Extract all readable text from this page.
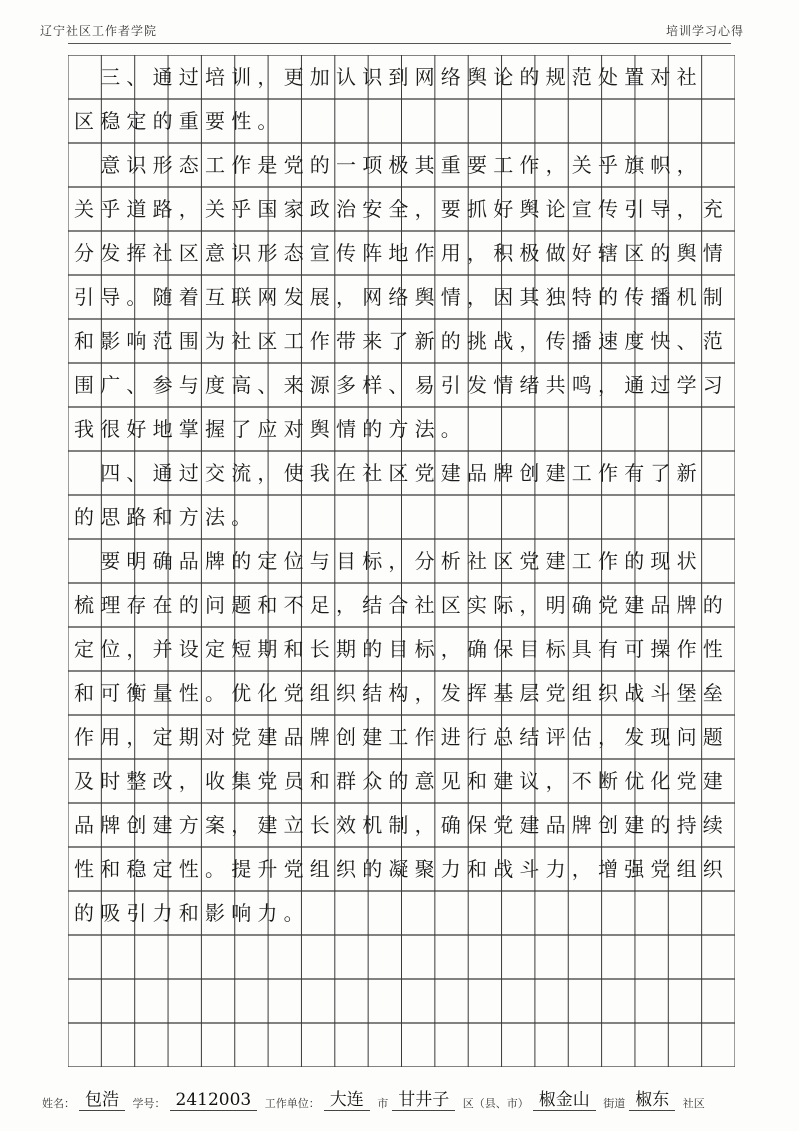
辽宁社区工作者学院	培训学习心得
　三、通过培训，更加认识到网络舆论的规范处置对社
区稳定的重要性。
　意识形态工作是党的一项极其重要工作，关乎旗帜，
关乎道路，关乎国家政治安全，要抓好舆论宣传引导，充
分发挥社区意识形态宣传阵地作用，积极做好辖区的舆情
引导。随着互联网发展，网络舆情，因其独特的传播机制
和影响范围为社区工作带来了新的挑战，传播速度快、范
围广、参与度高、来源多样、易引发情绪共鸣，通过学习
我很好地掌握了应对舆情的方法。
　四、通过交流，使我在社区党建品牌创建工作有了新
的思路和方法。
　要明确品牌的定位与目标，分析社区党建工作的现状
梳理存在的问题和不足，结合社区实际，明确党建品牌的
定位，并设定短期和长期的目标，确保目标具有可操作性
和可衡量性。优化党组织结构，发挥基层党组织战斗堡垒
作用，定期对党建品牌创建工作进行总结评估，发现问题
及时整改，收集党员和群众的意见和建议，不断优化党建
品牌创建方案，建立长效机制，确保党建品牌创建的持续
性和稳定性。提升党组织的凝聚力和战斗力，增强党组织
的吸引力和影响力。
姓名： 包浩 学号： 2412003 工作单位： 大连 市 甘井子 区（县、市） 椒金山 街道 椒东 社区
